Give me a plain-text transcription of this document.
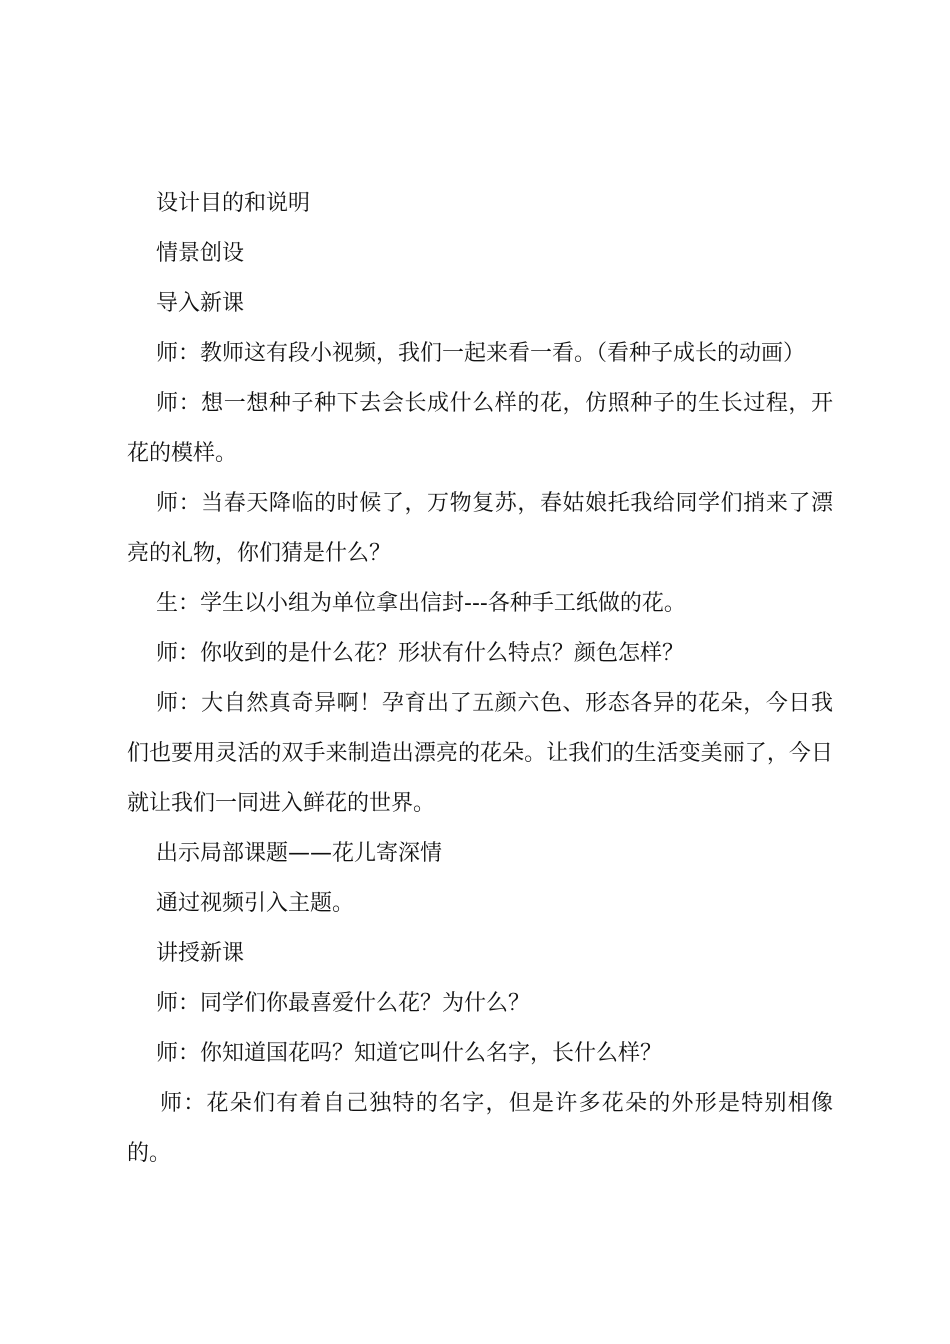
设计目的和说明

情景创设

导入新课

师：教师这有段小视频，我们一起来看一看。（看种子成长的动画）

师：想一想种子种下去会长成什么样的花，仿照种子的生长过程，开花的模样。

师：当春天降临的时候了，万物复苏，春姑娘托我给同学们捎来了漂亮的礼物，你们猜是什么？

生：学生以小组为单位拿出信封---各种手工纸做的花。

师：你收到的是什么花？形状有什么特点？颜色怎样？

师：大自然真奇异啊！孕育出了五颜六色、形态各异的花朵，今日我们也要用灵活的双手来制造出漂亮的花朵。让我们的生活变美丽了，今日就让我们一同进入鲜花的世界。

出示局部课题——花儿寄深情

通过视频引入主题。

讲授新课

师：同学们你最喜爱什么花？为什么？

师：你知道国花吗？知道它叫什么名字，长什么样？

师：花朵们有着自己独特的名字，但是许多花朵的外形是特别相像的。
